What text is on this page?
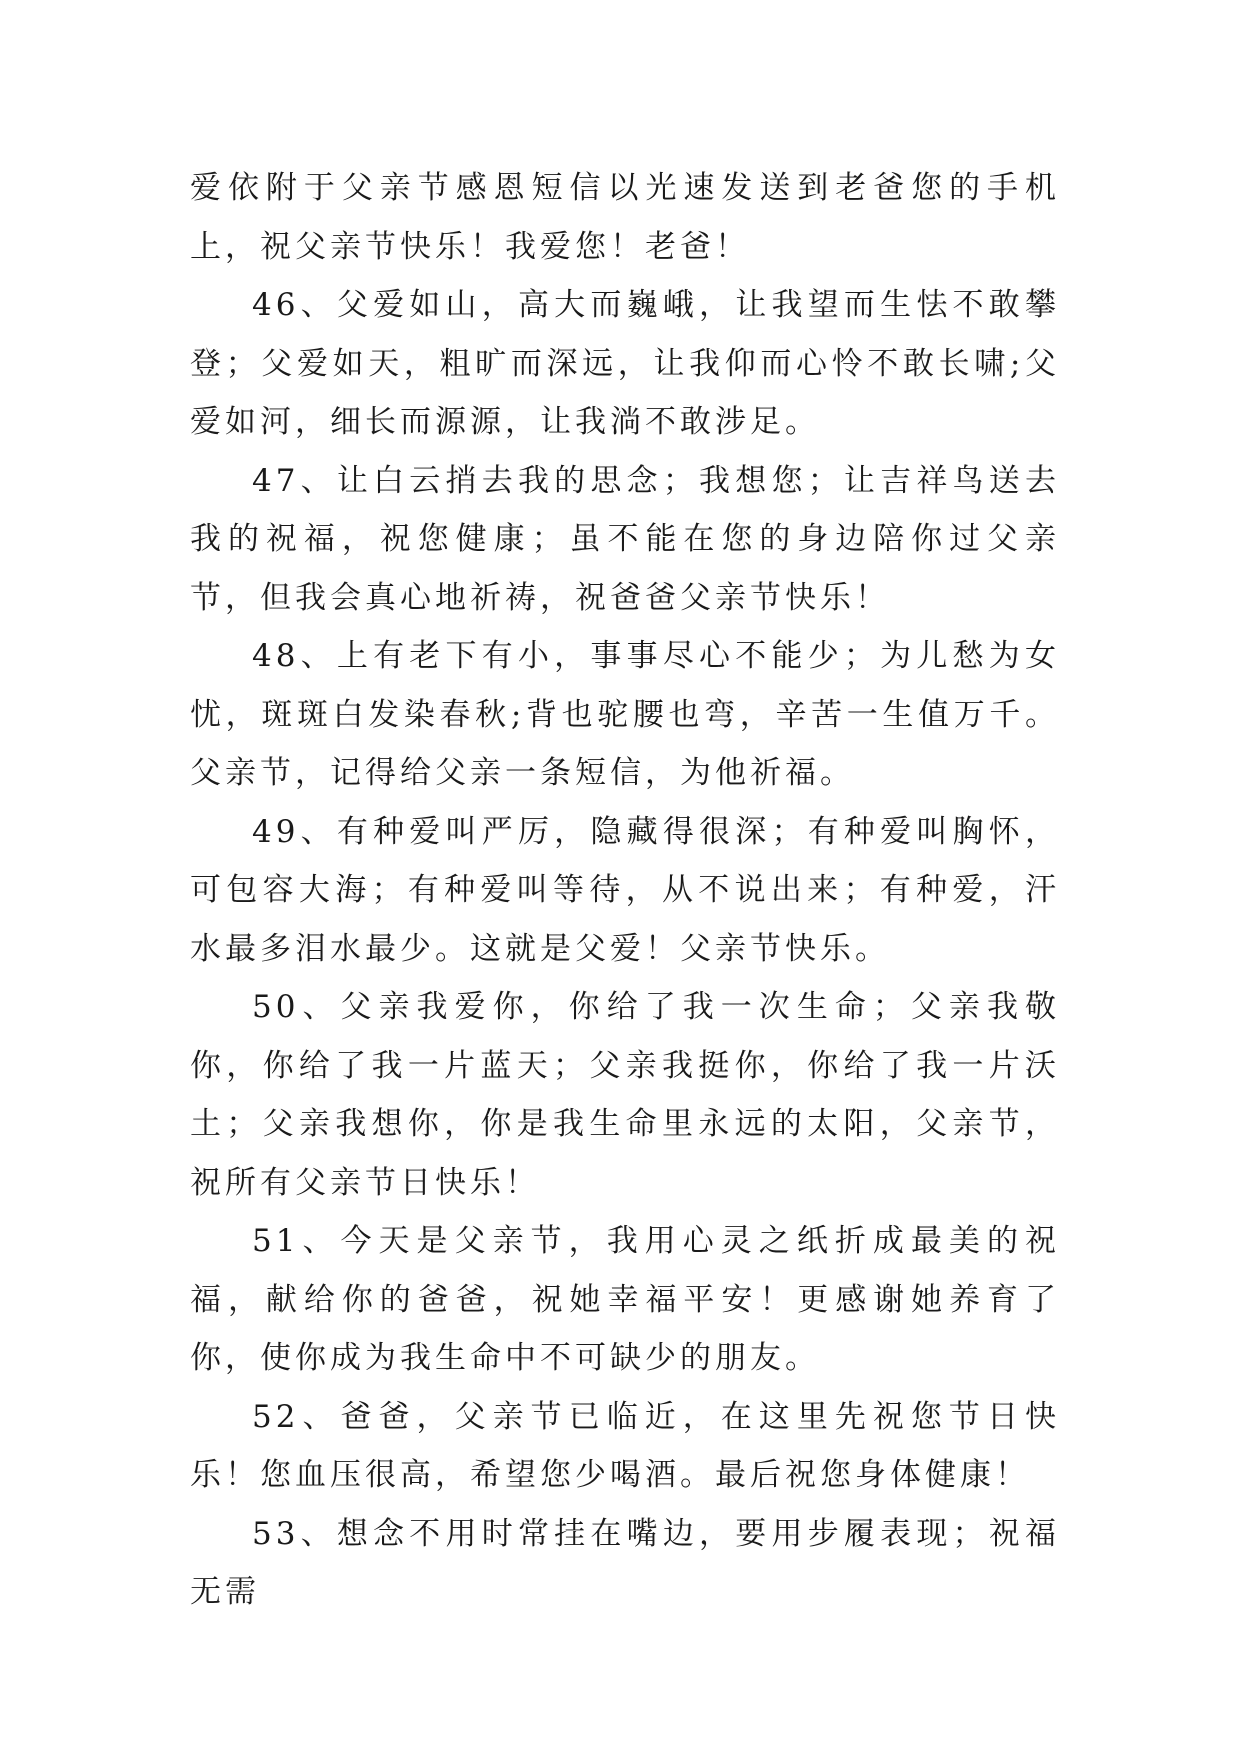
爱依附于父亲节感恩短信以光速发送到老爸您的手机上，祝父亲节快乐！我爱您！老爸！

46、父爱如山，高大而巍峨，让我望而生怯不敢攀登；父爱如天，粗旷而深远，让我仰而心怜不敢长啸;父爱如河，细长而源源，让我淌不敢涉足。

47、让白云捎去我的思念；我想您；让吉祥鸟送去我的祝福，祝您健康；虽不能在您的身边陪你过父亲节，但我会真心地祈祷，祝爸爸父亲节快乐！

48、上有老下有小，事事尽心不能少；为儿愁为女忧，斑斑白发染春秋;背也驼腰也弯，辛苦一生值万千。父亲节，记得给父亲一条短信，为他祈福。

49、有种爱叫严厉，隐藏得很深；有种爱叫胸怀，可包容大海；有种爱叫等待，从不说出来；有种爱，汗水最多泪水最少。这就是父爱！父亲节快乐。

50、父亲我爱你，你给了我一次生命；父亲我敬你，你给了我一片蓝天；父亲我挺你，你给了我一片沃土；父亲我想你，你是我生命里永远的太阳，父亲节，祝所有父亲节日快乐！

51、今天是父亲节，我用心灵之纸折成最美的祝福，献给你的爸爸，祝她幸福平安！更感谢她养育了你，使你成为我生命中不可缺少的朋友。

52、爸爸，父亲节已临近，在这里先祝您节日快乐！您血压很高，希望您少喝酒。最后祝您身体健康！

53、想念不用时常挂在嘴边，要用步履表现；祝福无需
